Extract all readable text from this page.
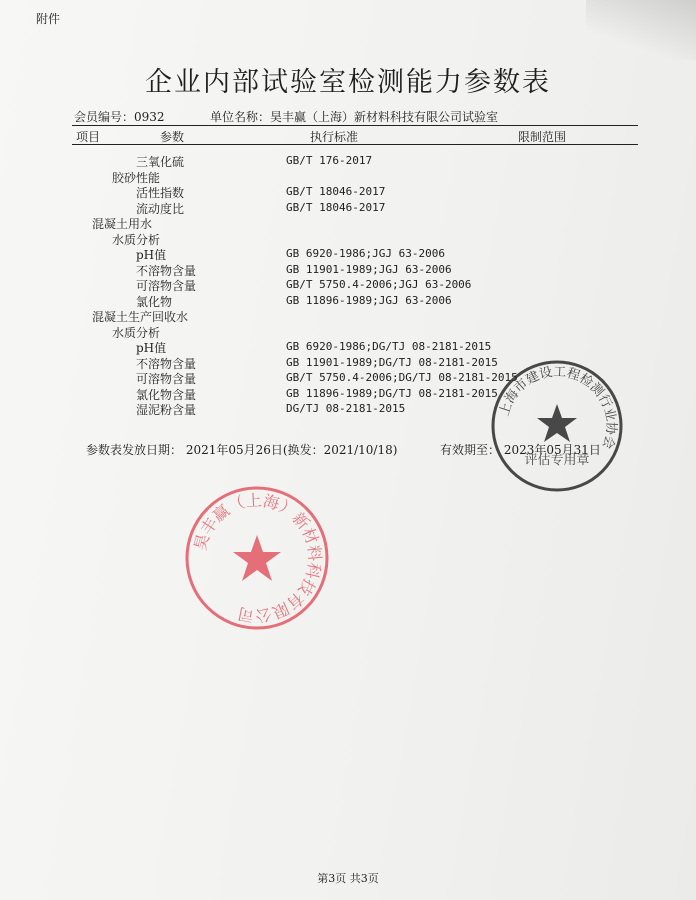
附件
企业内部试验室检测能力参数表
会员编号：0932	单位名称：昊丰赢（上海）新材料科技有限公司试验室
项目	参数	执行标准	限制范围
三氧化硫	GB/T 176-2017
胶砂性能
活性指数	GB/T 18046-2017
流动度比	GB/T 18046-2017
混凝土用水
水质分析
pH值	GB 6920-1986;JGJ 63-2006
不溶物含量	GB 11901-1989;JGJ 63-2006
可溶物含量	GB/T 5750.4-2006;JGJ 63-2006
氯化物	GB 11896-1989;JGJ 63-2006
混凝土生产回收水
水质分析
pH值	GB 6920-1986;DG/TJ 08-2181-2015
不溶物含量	GB 11901-1989;DG/TJ 08-2181-2015
可溶物含量	GB/T 5750.4-2006;DG/TJ 08-2181-2015
氯化物含量	GB 11896-1989;DG/TJ 08-2181-2015
湿泥粉含量	DG/TJ 08-2181-2015
参数表发放日期： 2021年05月26日(换发：2021/10/18)	有效期至： 2023年05月31日
昊丰赢（上海）新材料科技有限公司
上海市建设工程检测行业协会
评估专用章
第3页 共3页
